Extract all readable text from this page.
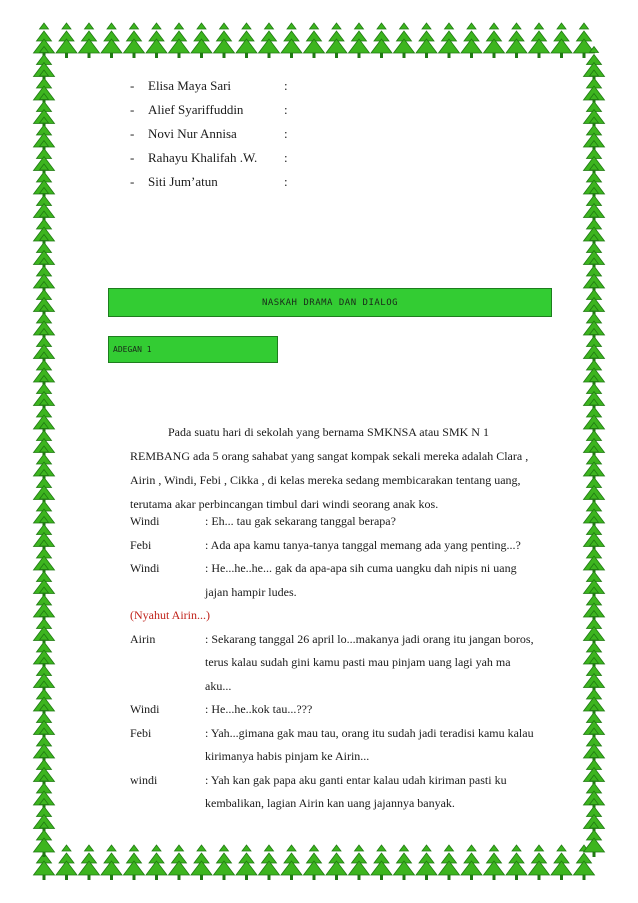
- Elisa Maya Sari	:
- Alief Syariffuddin	:
- Novi Nur Annisa	:
- Rahayu Khalifah .W. :
- Siti Jum’atun	:
NASKAH DRAMA DAN DIALOG
ADEGAN 1
Pada suatu hari di sekolah yang bernama SMKNSA atau SMK N 1
REMBANG ada 5 orang sahabat yang sangat kompak sekali mereka adalah Clara ,
Airin , Windi, Febi , Cikka , di kelas mereka sedang membicarakan tentang uang,
terutama akar perbincangan timbul dari windi seorang anak kos.
Windi	: Eh... tau gak sekarang tanggal berapa?
Febi	: Ada apa kamu tanya-tanya tanggal memang ada yang penting...?
Windi	: He...he..he... gak da apa-apa sih cuma uangku dah nipis ni uang
jajan hampir ludes.
(Nyahut Airin...)
Airin	: Sekarang tanggal 26 april lo...makanya jadi orang itu jangan boros,
terus kalau sudah gini kamu pasti mau pinjam uang lagi yah ma
aku...
Windi	: He...he..kok tau...???
Febi	: Yah...gimana gak mau tau, orang itu sudah jadi teradisi kamu kalau
kirimanya habis pinjam ke Airin...
windi	: Yah kan gak papa aku ganti entar kalau udah kiriman pasti ku
kembalikan, lagian Airin kan uang jajannya banyak.
